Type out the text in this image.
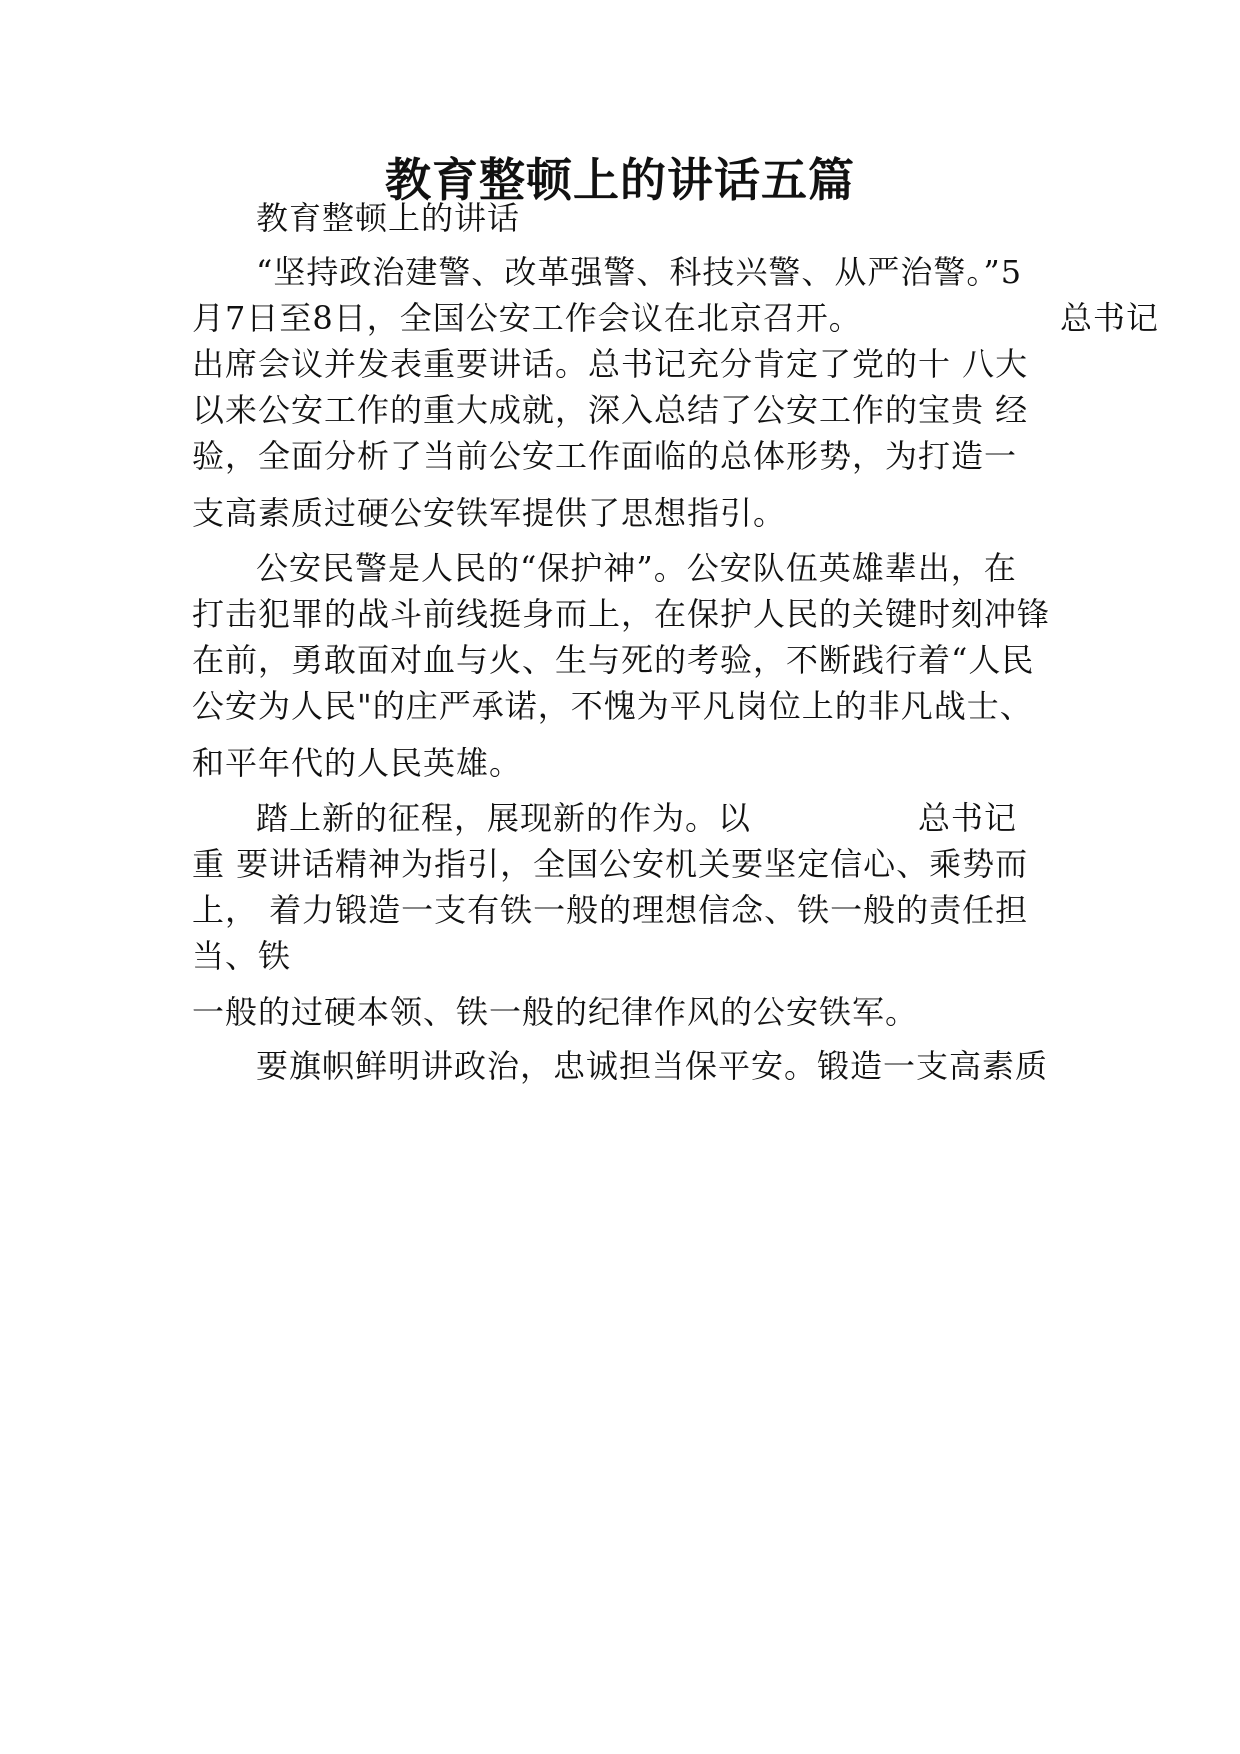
教育整顿上的讲话五篇
教育整顿上的讲话
“坚持政治建警、改革强警、科技兴警、从严治警。”5
月7日至8日，全国公安工作会议在北京召开。	总书记
出席会议并发表重要讲话。总书记充分肯定了党的十 八大
以来公安工作的重大成就，深入总结了公安工作的宝贵 经
验，全面分析了当前公安工作面临的总体形势，为打造一
支高素质过硬公安铁军提供了思想指引。
公安民警是人民的“保护神”。公安队伍英雄辈出，在
打击犯罪的战斗前线挺身而上，在保护人民的关键时刻冲锋
在前，勇敢面对血与火、生与死的考验，不断践行着“人民
公安为人民"的庄严承诺，不愧为平凡岗位上的非凡战士、
和平年代的人民英雄。
踏上新的征程，展现新的作为。以	总书记
重 要讲话精神为指引，全国公安机关要坚定信心、乘势而
上， 着力锻造一支有铁一般的理想信念、铁一般的责任担
当、铁
一般的过硬本领、铁一般的纪律作风的公安铁军。
要旗帜鲜明讲政治，忠诚担当保平安。锻造一支高素质
